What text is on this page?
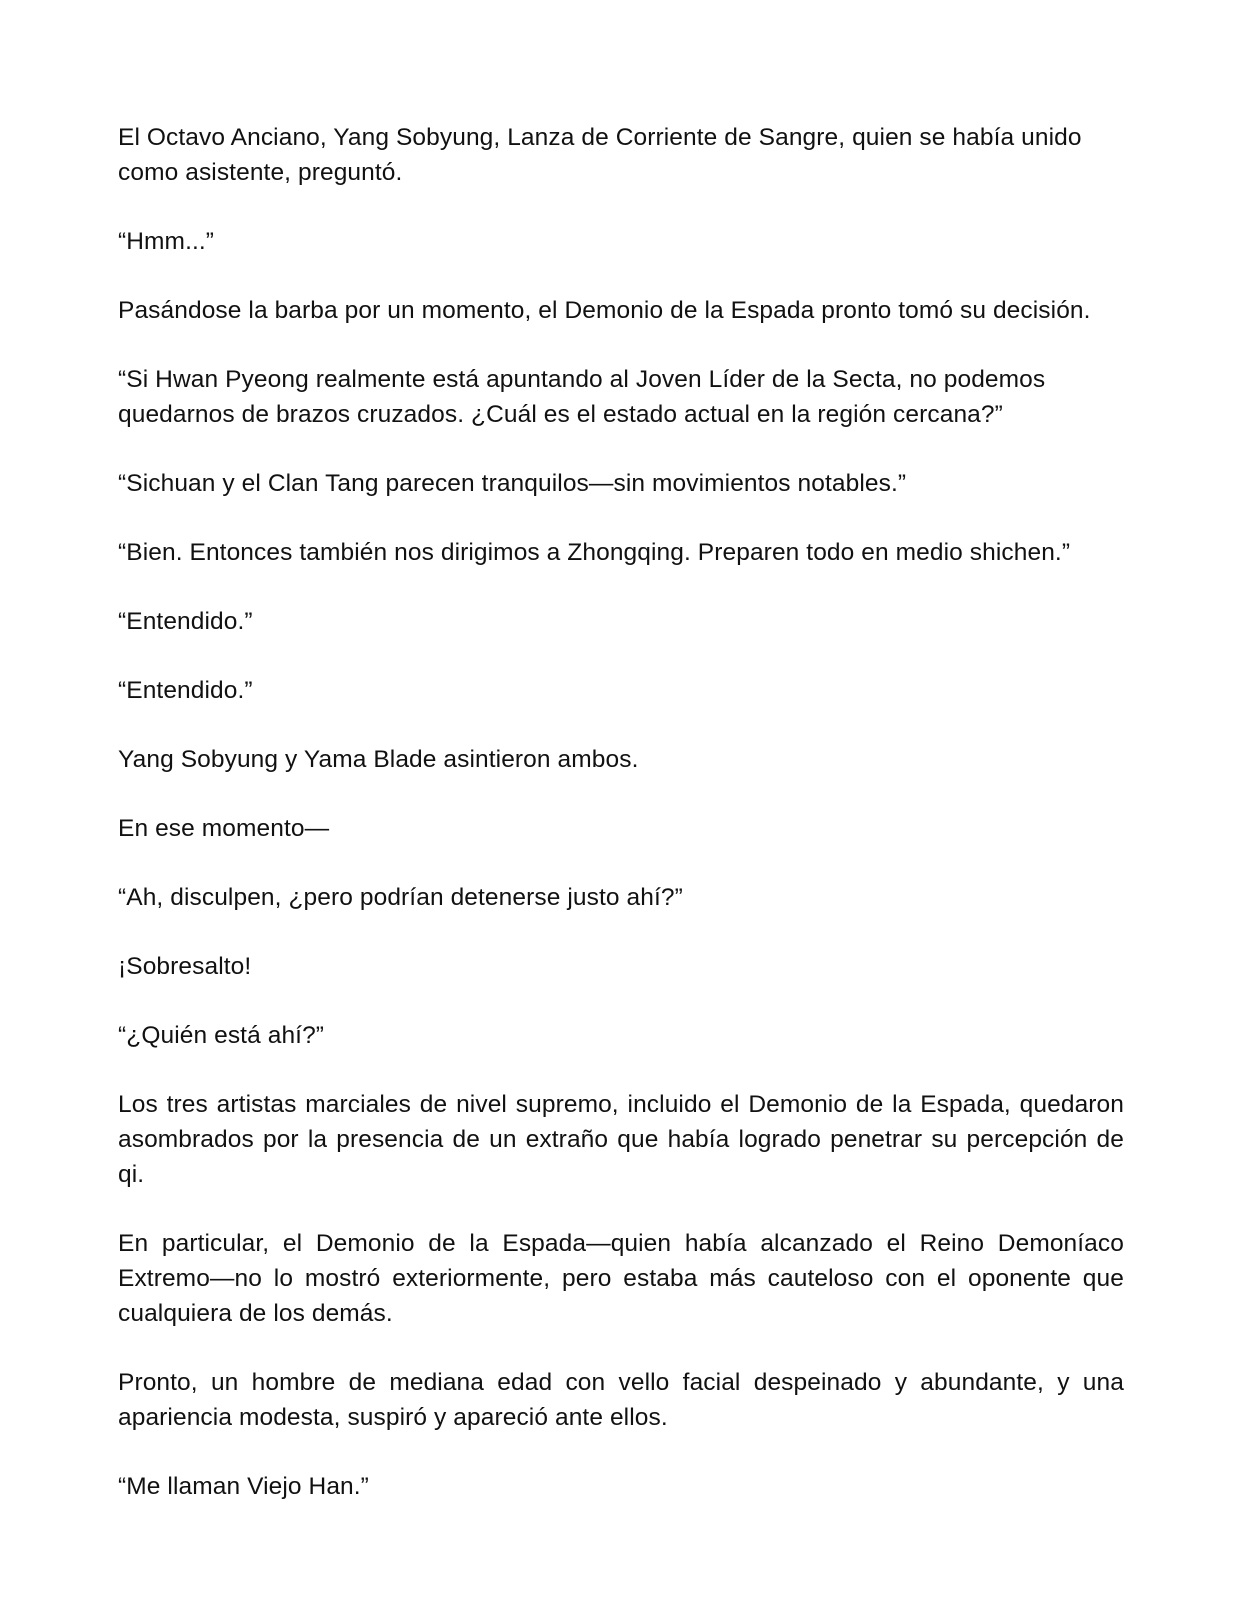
El Octavo Anciano, Yang Sobyung, Lanza de Corriente de Sangre, quien se había unido como asistente, preguntó.

“Hmm...”

Pasándose la barba por un momento, el Demonio de la Espada pronto tomó su decisión.

“Si Hwan Pyeong realmente está apuntando al Joven Líder de la Secta, no podemos quedarnos de brazos cruzados. ¿Cuál es el estado actual en la región cercana?”

“Sichuan y el Clan Tang parecen tranquilos—sin movimientos notables.”

“Bien. Entonces también nos dirigimos a Zhongqing. Preparen todo en medio shichen.”

“Entendido.”

“Entendido.”

Yang Sobyung y Yama Blade asintieron ambos.

En ese momento—

“Ah, disculpen, ¿pero podrían detenerse justo ahí?”

¡Sobresalto!

“¿Quién está ahí?”

Los tres artistas marciales de nivel supremo, incluido el Demonio de la Espada, quedaron asombrados por la presencia de un extraño que había logrado penetrar su percepción de qi.

En particular, el Demonio de la Espada—quien había alcanzado el Reino Demoníaco Extremo—no lo mostró exteriormente, pero estaba más cauteloso con el oponente que cualquiera de los demás.

Pronto, un hombre de mediana edad con vello facial despeinado y abundante, y una apariencia modesta, suspiró y apareció ante ellos.

“Me llaman Viejo Han.”
